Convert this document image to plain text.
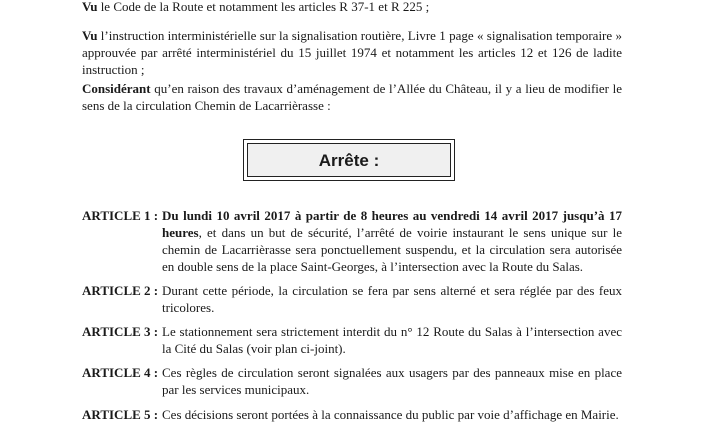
Vu le Code de la Route et notamment les articles R 37-1 et R 225 ;
Vu l’instruction interministérielle sur la signalisation routière, Livre 1 page « signalisation temporaire » approuvée par arrêté interministériel du 15 juillet 1974 et notamment les articles 12 et 126 de ladite instruction ;
Considérant qu’en raison des travaux d’aménagement de l’Allée du Château, il y a lieu de modifier le sens de la circulation Chemin de Lacarrièrasse :
Arrête :
ARTICLE 1 : Du lundi 10 avril 2017 à partir de 8 heures au vendredi 14 avril 2017 jusqu’à 17 heures, et dans un but de sécurité, l’arrêté de voirie instaurant le sens unique sur le chemin de Lacarrièrasse sera ponctuellement suspendu, et la circulation sera autorisée en double sens de la place Saint-Georges, à l’intersection avec la Route du Salas.
ARTICLE 2 : Durant cette période, la circulation se fera par sens alterné et sera réglée par des feux tricolores.
ARTICLE 3 : Le stationnement sera strictement interdit du n° 12 Route du Salas à l’intersection avec la Cité du Salas (voir plan ci-joint).
ARTICLE 4 : Ces règles de circulation seront signalées aux usagers par des panneaux mise en place par les services municipaux.
ARTICLE 5 : Ces décisions seront portées à la connaissance du public par voie d’affichage en Mairie.
